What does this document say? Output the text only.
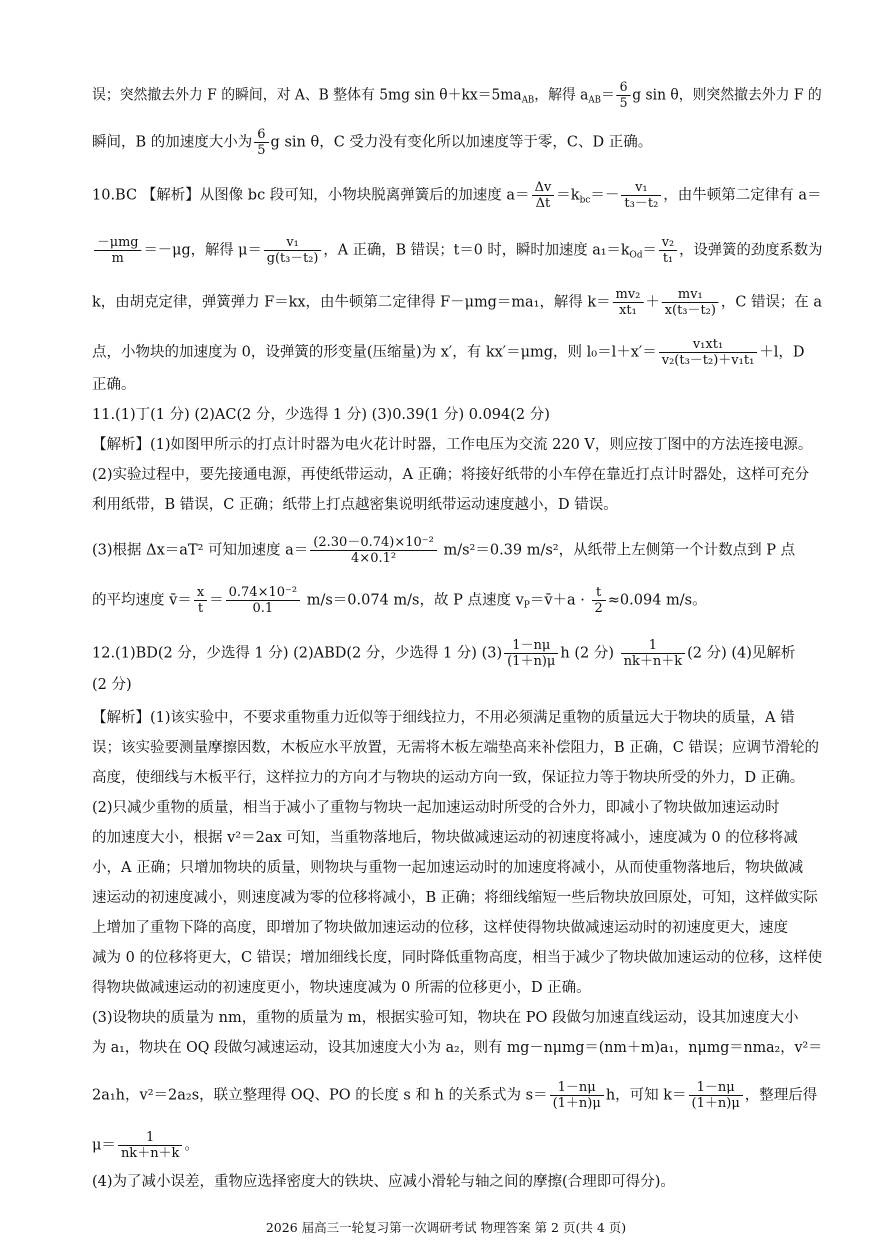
误；突然撤去外力 F 的瞬间，对 A、B 整体有 5mg $\sin \theta+kx=5ma_{AB}$，解得 $a_{AB}= \frac{6}{5}$ g sin θ，则突然撤去外力 F 的
瞬间，B 的加速度大小为 $\frac{6}{5}$ g sin θ，C 受力没有变化所以加速度等于零，C、D 正确。
10.BC 【解析】从图像 bc 段可知，小物块脱离弹簧后的加速度 $a= \frac{\Delta v}{\Delta t} =k_{bc}=- \frac{\text{v₁}}{\text{t₃－t₂}}$ ，由牛顿第二定律有 a＝
$\frac{\text{－μmg}}{m} =-\mu g$，解得 $\mu= \frac{\text{v₁}}{\text{g(t₃－t₂)}}$ ，A 正确，B 错误；t＝0 时，瞬时加速度 $a_1=k_{Od}= \frac{\text{v₂}}{\text{t₁}}$ ，设弹簧的劲度系数为
k，由胡克定律，弹簧弹力 F＝kx，由牛顿第二定律得 F－μmg＝ma₁，解得 $k= \frac{\text{mv₂}}{\text{xt₁}} + \frac{\text{mv₁}}{\text{x(t₃－t₂)}}$ ，C 错误；在 a
点，小物块的加速度为 0，设弹簧的形变量(压缩量)为 x′，有 kx′＝μmg，则 $l_0=l+x'= \frac{\text{v₁xt₁}}{\text{v₂(t₃－t₂)＋v₁t₁}} +l$，D
正确。
11.(1)丁(1 分) (2)AC(2 分，少选得 1 分) (3)0.39(1 分) 0.094(2 分)
【解析】(1)如图甲所示的打点计时器为电火花计时器，工作电压为交流 220 V，则应按丁图中的方法连接电源。
(2)实验过程中，要先接通电源，再使纸带运动，A 正确；将接好纸带的小车停在靠近打点计时器处，这样可充分
利用纸带，B 错误，C 正确；纸带上打点越密集说明纸带运动速度越小，D 错误。
(3)根据 Δx＝aT² 可知加速度 $a= \frac{\text{(2.30－0.74)×10⁻²}}{\text{4×0.1²}} m/s^2=0.39$ m/s²，从纸带上左侧第一个计数点到 P 点
的平均速度 v̄＝ $\frac{x}{t} = \frac{\text{0.74×10⁻²}}{0.1} m/s=0.074$ m/s，故 P 点速度 $v_P=v̄+a \cdot \frac{t}{2} \approx 0.094$ m/s。
12.(1)BD(2 分，少选得 1 分) (2)ABD(2 分，少选得 1 分) $(3) \frac{1-n\mu}{(1+n)\mu}$ h (2 分) $\frac{1}{nk+n+k} (2$ 分) (4)见解析
(2 分)
【解析】(1)该实验中，不要求重物重力近似等于细线拉力，不用必须满足重物的质量远大于物块的质量，A 错
误；该实验要测量摩擦因数，木板应水平放置，无需将木板左端垫高来补偿阻力，B 正确，C 错误；应调节滑轮的
高度，使细线与木板平行，这样拉力的方向才与物块的运动方向一致，保证拉力等于物块所受的外力，D 正确。
(2)只减少重物的质量，相当于减小了重物与物块一起加速运动时所受的合外力，即减小了物块做加速运动时
的加速度大小，根据 v²＝2ax 可知，当重物落地后，物块做减速运动的初速度将减小，速度减为 0 的位移将减
小，A 正确；只增加物块的质量，则物块与重物一起加速运动时的加速度将减小，从而使重物落地后，物块做减
速运动的初速度减小，则速度减为零的位移将减小，B 正确；将细线缩短一些后物块放回原处，可知，这样做实际
上增加了重物下降的高度，即增加了物块做加速运动的位移，这样使得物块做减速运动时的初速度更大，速度
减为 0 的位移将更大，C 错误；增加细线长度，同时降低重物高度，相当于减少了物块做加速运动的位移，这样使
得物块做减速运动的初速度更小，物块速度减为 0 所需的位移更小，D 正确。
(3)设物块的质量为 nm，重物的质量为 m，根据实验可知，物块在 PO 段做匀加速直线运动，设其加速度大小
为 a₁，物块在 OQ 段做匀减速运动，设其加速度大小为 a₂，则有 mg－nμmg＝(nm＋m)a₁，nμmg＝nma₂，v²＝
2a₁h，v²＝2a₂s，联立整理得 OQ、PO 的长度 s 和 h 的关系式为 $s= \frac{1-n\mu}{(1+n)\mu}$ h，可知 $k= \frac{1-n\mu}{(1+n)\mu}$ ，整理后得
$\mu= \frac{1}{nk+n+k}$ 。
(4)为了减小误差，重物应选择密度大的铁块、应减小滑轮与轴之间的摩擦(合理即可得分)。
2026 届高三一轮复习第一次调研考试 物理答案 第 2 页(共 4 页)
